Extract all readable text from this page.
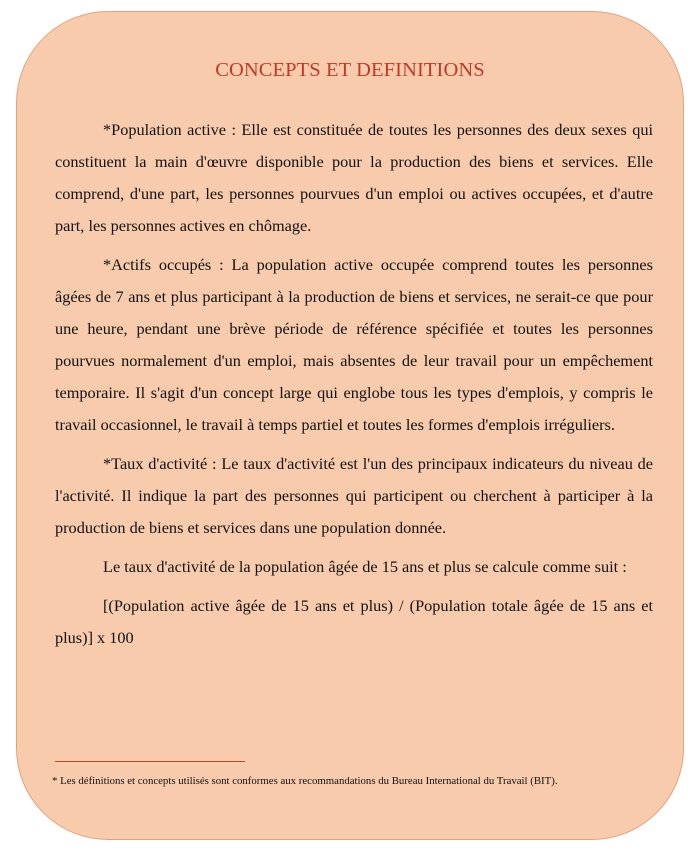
CONCEPTS ET DEFINITIONS

*Population active : Elle est constituée de toutes les personnes des deux sexes qui constituent la main d'œuvre disponible pour la production des biens et services. Elle comprend, d'une part, les personnes pourvues d'un emploi ou actives occupées, et d'autre part, les personnes actives en chômage.

*Actifs occupés : La population active occupée comprend toutes les personnes âgées de 7 ans et plus participant à la production de biens et services, ne serait-ce que pour une heure, pendant une brève période de référence spécifiée et toutes les personnes pourvues normalement d'un emploi, mais absentes de leur travail pour un empêchement temporaire. Il s'agit d'un concept large qui englobe tous les types d'emplois, y compris le travail occasionnel, le travail à temps partiel et toutes les formes d'emplois irréguliers.

*Taux d'activité : Le taux d'activité est l'un des principaux indicateurs du niveau de l'activité. Il indique la part des personnes qui participent ou cherchent à participer à la production de biens et services dans une population donnée.

Le taux d'activité de la population âgée de 15 ans et plus se calcule comme suit :

[(Population active âgée de 15 ans et plus) / (Population totale âgée de 15 ans et plus)] x 100

* Les définitions et concepts utilisés sont conformes aux recommandations du Bureau International du Travail (BIT).
